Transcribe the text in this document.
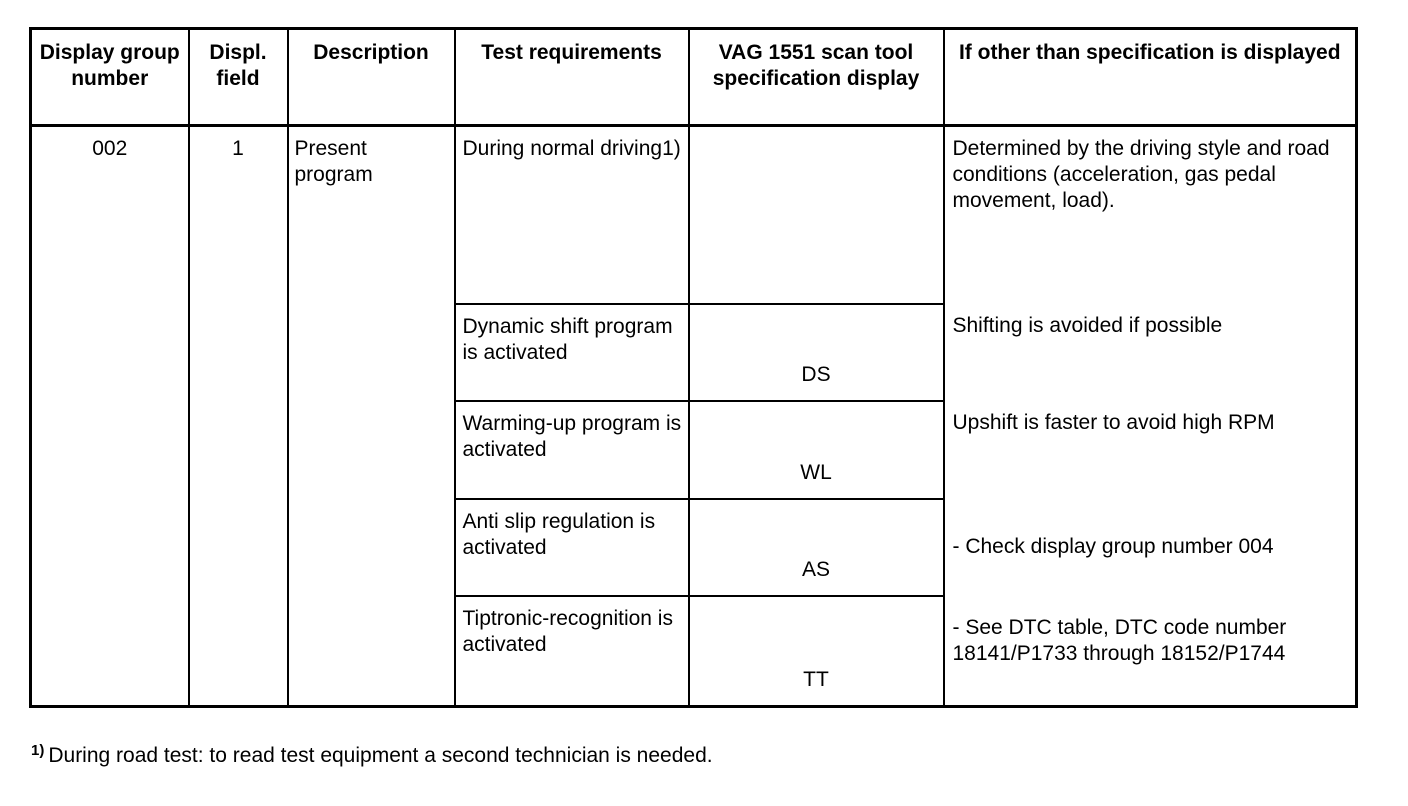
Display group number	Displ. field	Description	Test requirements	VAG 1551 scan tool specification display	If other than specification is displayed
002	1	Present program	During normal driving1)		Determined by the driving style and road conditions (acceleration, gas pedal movement, load).
			Dynamic shift program is activated	DS	Shifting is avoided if possible
			Warming-up program is activated	WL	Upshift is faster to avoid high RPM
			Anti slip regulation is activated	AS	- Check display group number 004
			Tiptronic-recognition is activated	TT	- See DTC table, DTC code number 18141/P1733 through 18152/P1744
$^{1)}$ During road test: to read test equipment a second technician is needed.
